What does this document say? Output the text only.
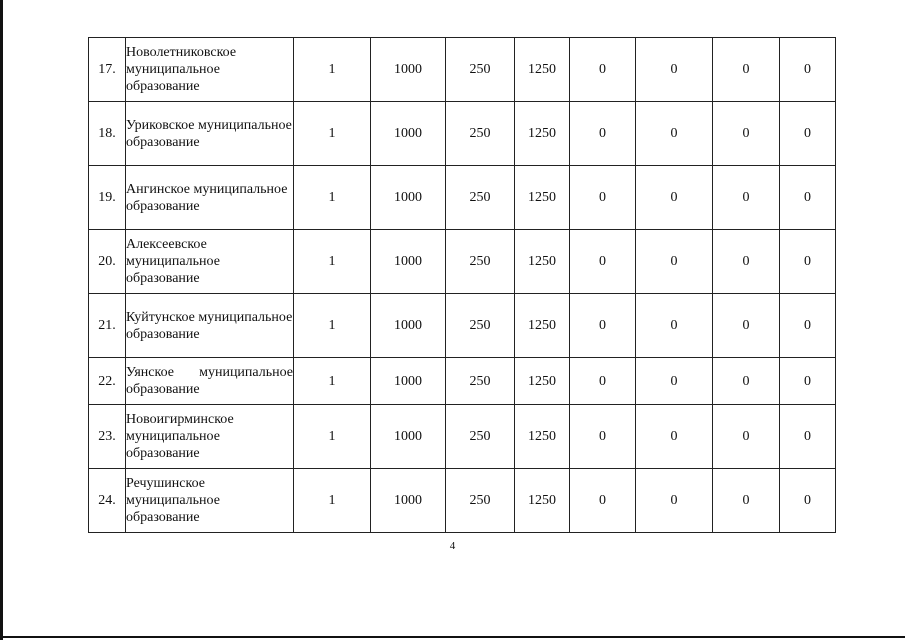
17.	Новолетниковское муниципальное образование	1	1000	250	1250	0	0	0	0
18.	Уриковское муниципальное образование	1	1000	250	1250	0	0	0	0
19.	Ангинское муниципальное образование	1	1000	250	1250	0	0	0	0
20.	Алексеевское муниципальное образование	1	1000	250	1250	0	0	0	0
21.	Куйтунское муниципальное образование	1	1000	250	1250	0	0	0	0
22.	Уянское муниципальное образование	1	1000	250	1250	0	0	0	0
23.	Новоигирминское муниципальное образование	1	1000	250	1250	0	0	0	0
24.	Речушинское муниципальное образование	1	1000	250	1250	0	0	0	0
4
